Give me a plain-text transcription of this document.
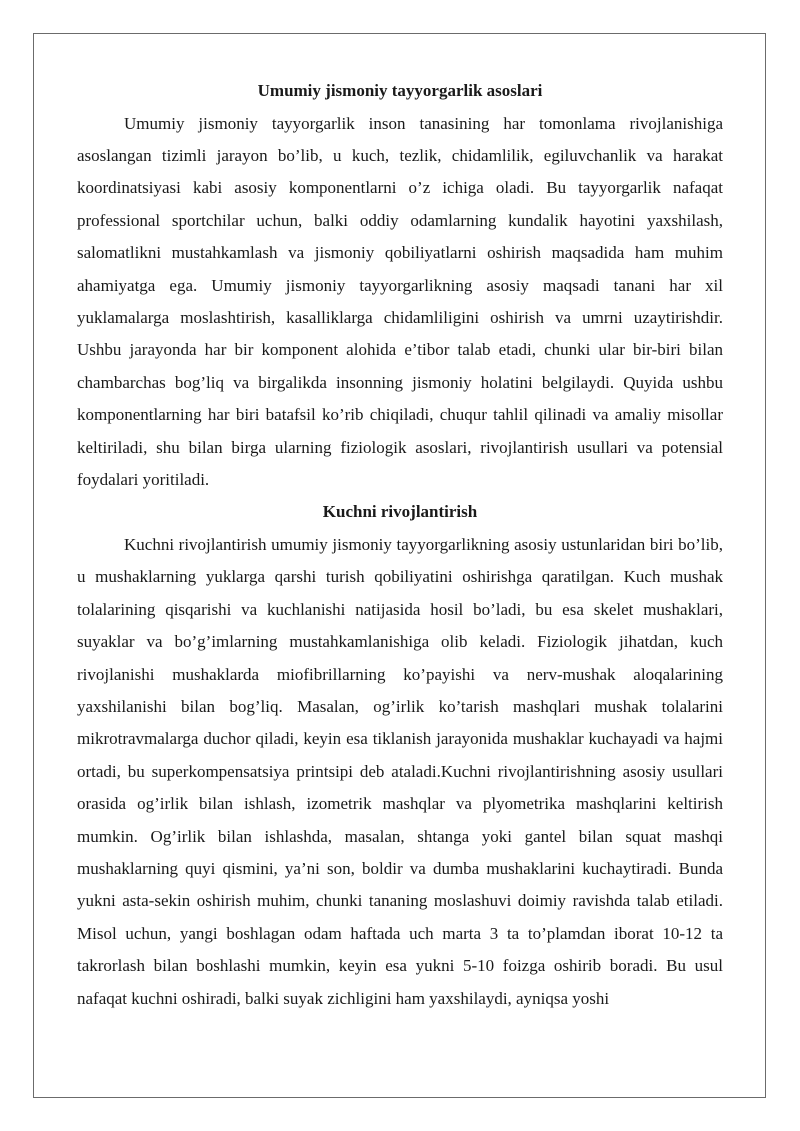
Umumiy jismoniy tayyorgarlik asoslari

Umumiy jismoniy tayyorgarlik inson tanasining har tomonlama rivojlanishiga asoslangan tizimli jarayon bo’lib, u kuch, tezlik, chidamlilik, egiluvchanlik va harakat koordinatsiyasi kabi asosiy komponentlarni o’z ichiga oladi. Bu tayyorgarlik nafaqat professional sportchilar uchun, balki oddiy odamlarning kundalik hayotini yaxshilash, salomatlikni mustahkamlash va jismoniy qobiliyatlarni oshirish maqsadida ham muhim ahamiyatga ega. Umumiy jismoniy tayyorgarlikning asosiy maqsadi tanani har xil yuklamalarga moslashtirish, kasalliklarga chidamliligini oshirish va umrni uzaytirishdir. Ushbu jarayonda har bir komponent alohida e’tibor talab etadi, chunki ular bir-biri bilan chambarchas bog’liq va birgalikda insonning jismoniy holatini belgilaydi. Quyida ushbu komponentlarning har biri batafsil ko’rib chiqiladi, chuqur tahlil qilinadi va amaliy misollar keltiriladi, shu bilan birga ularning fiziologik asoslari, rivojlantirish usullari va potensial foydalari yoritiladi.

Kuchni rivojlantirish

Kuchni rivojlantirish umumiy jismoniy tayyorgarlikning asosiy ustunlaridan biri bo’lib, u mushaklarning yuklarga qarshi turish qobiliyatini oshirishga qaratilgan. Kuch mushak tolalarining qisqarishi va kuchlanishi natijasida hosil bo’ladi, bu esa skelet mushaklari, suyaklar va bo’g’imlarning mustahkamlanishiga olib keladi. Fiziologik jihatdan, kuch rivojlanishi mushaklarda miofibrillarning ko’payishi va nerv-mushak aloqalarining yaxshilanishi bilan bog’liq. Masalan, og’irlik ko’tarish mashqlari mushak tolalarini mikrotravmalarga duchor qiladi, keyin esa tiklanish jarayonida mushaklar kuchayadi va hajmi ortadi, bu superkompensatsiya printsipi deb ataladi.Kuchni rivojlantirishning asosiy usullari orasida og’irlik bilan ishlash, izometrik mashqlar va plyometrika mashqlarini keltirish mumkin. Og’irlik bilan ishlashda, masalan, shtanga yoki gantel bilan squat mashqi mushaklarning quyi qismini, ya’ni son, boldir va dumba mushaklarini kuchaytiradi. Bunda yukni asta-sekin oshirish muhim, chunki tananing moslashuvi doimiy ravishda talab etiladi. Misol uchun, yangi boshlagan odam haftada uch marta 3 ta to’plamdan iborat 10-12 ta takrorlash bilan boshlashi mumkin, keyin esa yukni 5-10 foizga oshirib boradi. Bu usul nafaqat kuchni oshiradi, balki suyak zichligini ham yaxshilaydi, ayniqsa yoshi
